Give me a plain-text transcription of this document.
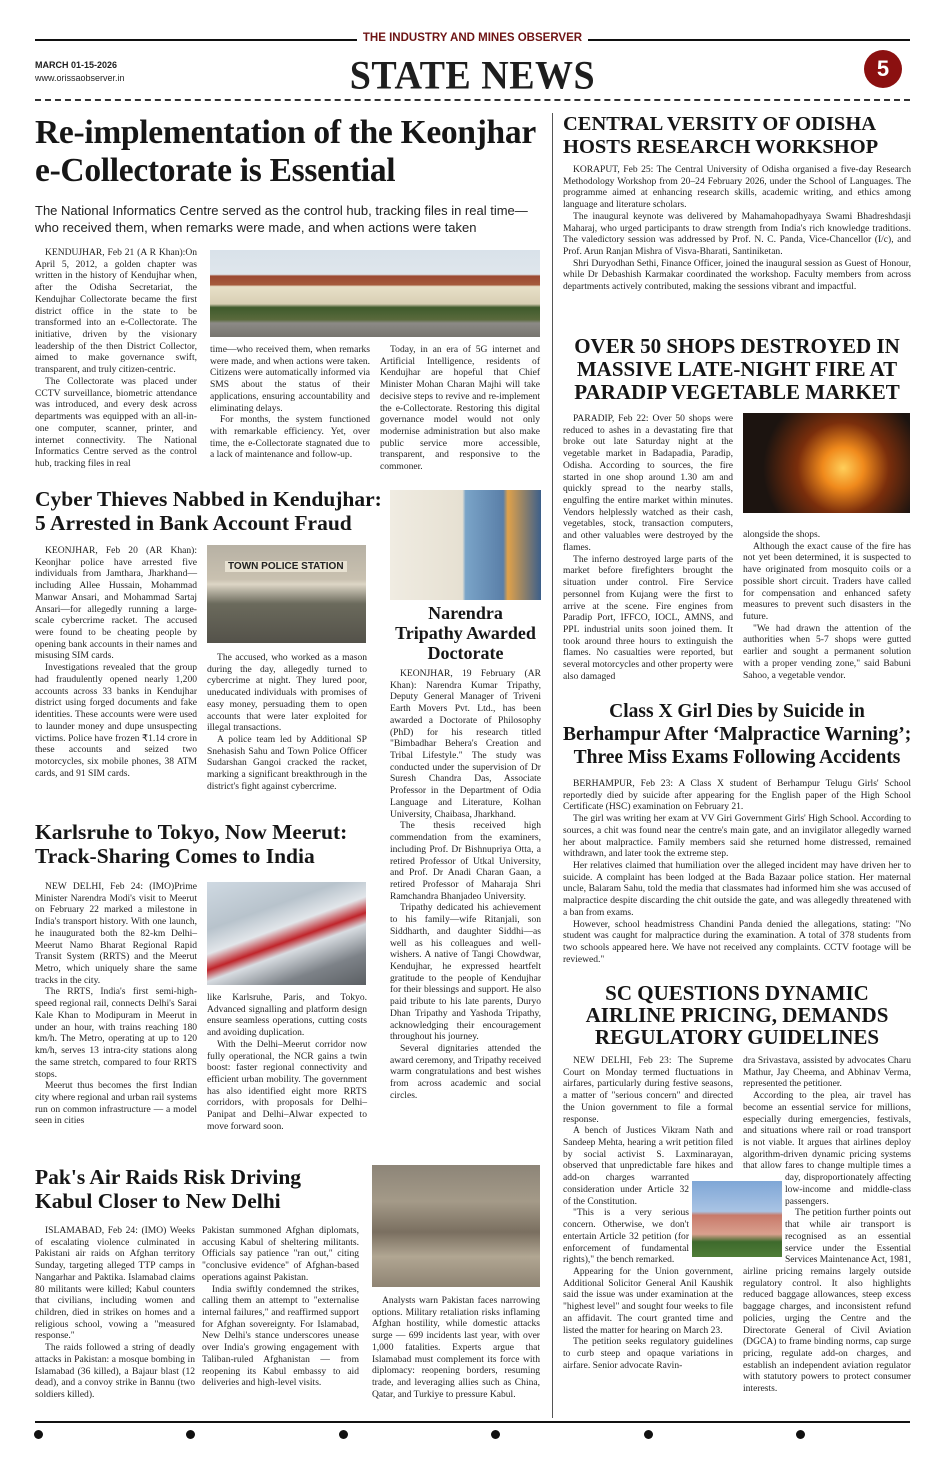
THE INDUSTRY AND MINES OBSERVER
MARCH 01-15-2026
www.orissaobserver.in	STATE NEWS	5
Re-implementation of the Keonjhar
e-Collectorate is Essential
The National Informatics Centre served as the control hub, tracking files in real time—who received them, when remarks were made, and when actions were taken

KENDUJHAR, Feb 21 (A R Khan):On April 5, 2012, a golden chapter was written in the history of Kendujhar when, after the Odisha Secretariat, the Kendujhar Collectorate became the first district office in the state to be transformed into an e-Collectorate. The initiative, driven by the visionary leadership of the then District Collector, aimed to make governance swift, transparent, and truly citizen-centric.

The Collectorate was placed under CCTV surveillance, biometric attendance was introduced, and every desk across departments was equipped with an all-in-one computer, scanner, printer, and internet connectivity. The National Informatics Centre served as the control hub, tracking files in real

time—who received them, when remarks were made, and when actions were taken. Citizens were automatically informed via SMS about the status of their applications, ensuring accountability and eliminating delays.

For months, the system functioned with remarkable efficiency. Yet, over time, the e-Collectorate stagnated due to a lack of maintenance and follow-up.

Today, in an era of 5G internet and Artificial Intelligence, residents of Kendujhar are hopeful that Chief Minister Mohan Charan Majhi will take decisive steps to revive and re-implement the e-Collectorate. Restoring this digital governance model would not only modernise administration but also make public service more accessible, transparent, and responsive to the commoner.

Cyber Thieves Nabbed in Kendujhar:
5 Arrested in Bank Account Fraud

KEONJHAR, Feb 20 (AR Khan): Keonjhar police have arrested five individuals from Jamthara, Jharkhand—including Allee Hussain, Mohammad Manwar Ansari, and Mohammad Sartaj Ansari—for allegedly running a large-scale cybercrime racket. The accused were found to be cheating people by opening bank accounts in their names and misusing SIM cards.

Investigations revealed that the group had fraudulently opened nearly 1,200 accounts across 33 banks in Kendujhar district using forged documents and fake identities. These accounts were were used to launder money and dupe unsuspecting victims. Police have frozen ₹1.14 crore in these accounts and seized two motorcycles, six mobile phones, 38 ATM cards, and 91 SIM cards.

TOWN POLICE STATION

The accused, who worked as a mason during the day, allegedly turned to cybercrime at night. They lured poor, uneducated individuals with promises of easy money, persuading them to open accounts that were later exploited for illegal transactions.

A police team led by Additional SP Snehasish Sahu and Town Police Officer Sudarshan Gangoi cracked the racket, marking a significant breakthrough in the district's fight against cybercrime.

Narendra
Tripathy Awarded
Doctorate

KEONJHAR, 19 February (AR Khan): Narendra Kumar Tripathy, Deputy General Manager of Triveni Earth Movers Pvt. Ltd., has been awarded a Doctorate of Philosophy (PhD) for his research titled "Bimbadhar Behera's Creation and Tribal Lifestyle." The study was conducted under the supervision of Dr Suresh Chandra Das, Associate Professor in the Department of Odia Language and Literature, Kolhan University, Chaibasa, Jharkhand.

The thesis received high commendation from the examiners, including Prof. Dr Bishnupriya Otta, a retired Professor of Utkal University, and Prof. Dr Anadi Charan Gaan, a retired Professor of Maharaja Shri Ramchandra Bhanjadeo University.

Tripathy dedicated his achievement to his family—wife Ritanjali, son Siddharth, and daughter Siddhi—as well as his colleagues and well-wishers. A native of Tangi Chowdwar, Kendujhar, he expressed heartfelt gratitude to the people of Kendujhar for their blessings and support. He also paid tribute to his late parents, Duryo Dhan Tripathy and Yashoda Tripathy, acknowledging their encouragement throughout his journey.

Several dignitaries attended the award ceremony, and Tripathy received warm congratulations and best wishes from across academic and social circles.

Karlsruhe to Tokyo, Now Meerut:
Track-Sharing Comes to India

NEW DELHI, Feb 24: (IMO)Prime Minister Narendra Modi's visit to Meerut on February 22 marked a milestone in India's transport history. With one launch, he inaugurated both the 82-km Delhi–Meerut Namo Bharat Regional Rapid Transit System (RRTS) and the Meerut Metro, which uniquely share the same tracks in the city.

The RRTS, India's first semi-high-speed regional rail, connects Delhi's Sarai Kale Khan to Modipuram in Meerut in under an hour, with trains reaching 180 km/h. The Metro, operating at up to 120 km/h, serves 13 intra-city stations along the same stretch, compared to four RRTS stops.

Meerut thus becomes the first Indian city where regional and urban rail systems run on common infrastructure — a model seen in cities

like Karlsruhe, Paris, and Tokyo. Advanced signalling and platform design ensure seamless operations, cutting costs and avoiding duplication.

With the Delhi–Meerut corridor now fully operational, the NCR gains a twin boost: faster regional connectivity and efficient urban mobility. The government has also identified eight more RRTS corridors, with proposals for Delhi–Panipat and Delhi–Alwar expected to move forward soon.

Pak's Air Raids Risk Driving
Kabul Closer to New Delhi

ISLAMABAD, Feb 24: (IMO) Weeks of escalating violence culminated in Pakistani air raids on Afghan territory Sunday, targeting alleged TTP camps in Nangarhar and Paktika. Islamabad claims 80 militants were killed; Kabul counters that civilians, including women and children, died in strikes on homes and a religious school, vowing a "measured response."

The raids followed a string of deadly attacks in Pakistan: a mosque bombing in Islamabad (36 killed), a Bajaur blast (12 dead), and a convoy strike in Bannu (two soldiers killed).

Pakistan summoned Afghan diplomats, accusing Kabul of sheltering militants. Officials say patience "ran out," citing "conclusive evidence" of Afghan-based operations against Pakistan.

India swiftly condemned the strikes, calling them an attempt to "externalise internal failures," and reaffirmed support for Afghan sovereignty. For Islamabad, New Delhi's stance underscores unease over India's growing engagement with Taliban-ruled Afghanistan — from reopening its Kabul embassy to aid deliveries and high-level visits.

Analysts warn Pakistan faces narrowing options. Military retaliation risks inflaming Afghan hostility, while domestic attacks surge — 699 incidents last year, with over 1,000 fatalities. Experts argue that Islamabad must complement its force with diplomacy: reopening borders, resuming trade, and leveraging allies such as China, Qatar, and Turkiye to pressure Kabul.

CENTRAL VERSITY OF ODISHA
HOSTS RESEARCH WORKSHOP

KORAPUT, Feb 25: The Central University of Odisha organised a five-day Research Methodology Workshop from 20–24 February 2026, under the School of Languages. The programme aimed at enhancing research skills, academic writing, and ethics among language and literature scholars.

The inaugural keynote was delivered by Mahamahopadhyaya Swami Bhadreshdasji Maharaj, who urged participants to draw strength from India's rich knowledge traditions. The valedictory session was addressed by Prof. N. C. Panda, Vice-Chancellor (I/c), and Prof. Arun Ranjan Mishra of Visva-Bharati, Santiniketan.

Shri Duryodhan Sethi, Finance Officer, joined the inaugural session as Guest of Honour, while Dr Debashish Karmakar coordinated the workshop. Faculty members from across departments actively contributed, making the sessions vibrant and impactful.

OVER 50 SHOPS DESTROYED IN
MASSIVE LATE-NIGHT FIRE AT
PARADIP VEGETABLE MARKET

PARADIP, Feb 22: Over 50 shops were reduced to ashes in a devastating fire that broke out late Saturday night at the vegetable market in Badapadia, Paradip, Odisha. According to sources, the fire started in one shop around 1.30 am and quickly spread to the nearby stalls, engulfing the entire market within minutes. Vendors helplessly watched as their cash, vegetables, stock, transaction computers, and other valuables were destroyed by the flames.

The inferno destroyed large parts of the market before firefighters brought the situation under control. Fire Service personnel from Kujang were the first to arrive at the scene. Fire engines from Paradip Port, IFFCO, IOCL, AMNS, and PPL industrial units soon joined them. It took around three hours to extinguish the flames. No casualties were reported, but several motorcycles and other property were also damaged

alongside the shops.

Although the exact cause of the fire has not yet been determined, it is suspected to have originated from mosquito coils or a possible short circuit. Traders have called for compensation and enhanced safety measures to prevent such disasters in the future.

"We had drawn the attention of the authorities when 5-7 shops were gutted earlier and sought a permanent solution with a proper vending zone," said Babuni Sahoo, a vegetable vendor.

Class X Girl Dies by Suicide in
Berhampur After ‘Malpractice Warning’;
Three Miss Exams Following Accidents

BERHAMPUR, Feb 23: A Class X student of Berhampur Telugu Girls' School reportedly died by suicide after appearing for the English paper of the High School Certificate (HSC) examination on February 21.

The girl was writing her exam at VV Giri Government Girls' High School. According to sources, a chit was found near the centre's main gate, and an invigilator allegedly warned her about malpractice. Family members said she returned home distressed, remained withdrawn, and later took the extreme step.

Her relatives claimed that humiliation over the alleged incident may have driven her to suicide. A complaint has been lodged at the Bada Bazaar police station. Her maternal uncle, Balaram Sahu, told the media that classmates had informed him she was accused of malpractice despite discarding the chit outside the gate, and was allegedly threatened with a ban from exams.

However, school headmistress Chandini Panda denied the allegations, stating: "No student was caught for malpractice during the examination. A total of 378 students from two schools appeared here. We have not received any complaints. CCTV footage will be reviewed."

SC QUESTIONS DYNAMIC
AIRLINE PRICING, DEMANDS
REGULATORY GUIDELINES

NEW DELHI, Feb 23: The Supreme Court on Monday termed fluctuations in airfares, particularly during festive seasons, a matter of "serious concern" and directed the Union government to file a formal response.

A bench of Justices Vikram Nath and Sandeep Mehta, hearing a writ petition filed by social activist S. Laxminarayan, observed that unpredictable fare hikes and add-on charges warranted consideration under Article 32 of the Constitution.

"This is a very serious concern. Otherwise, we don't entertain Article 32 petition (for enforcement of fundamental rights)," the bench remarked.

Appearing for the Union government, Additional Solicitor General Anil Kaushik said the issue was under examination at the "highest level" and sought four weeks to file an affidavit. The court granted time and listed the matter for hearing on March 23.

The petition seeks regulatory guidelines to curb steep and opaque variations in airfare. Senior advocate Ravin-

dra Srivastava, assisted by advocates Charu Mathur, Jay Cheema, and Abhinav Verma, represented the petitioner.

According to the plea, air travel has become an essential service for millions, especially during emergencies, festivals, and situations where rail or road transport is not viable. It argues that airlines deploy algorithm-driven dynamic pricing systems that allow fares to change multiple times a day, disproportionately affecting low-income and middle-class passengers.

The petition further points out that while air transport is recognised as an essential service under the Essential Services Maintenance Act, 1981, airline pricing remains largely outside regulatory control. It also highlights reduced baggage allowances, steep excess baggage charges, and inconsistent refund policies, urging the Centre and the Directorate General of Civil Aviation (DGCA) to frame binding norms, cap surge pricing, regulate add-on charges, and establish an independent aviation regulator with statutory powers to protect consumer interests.
